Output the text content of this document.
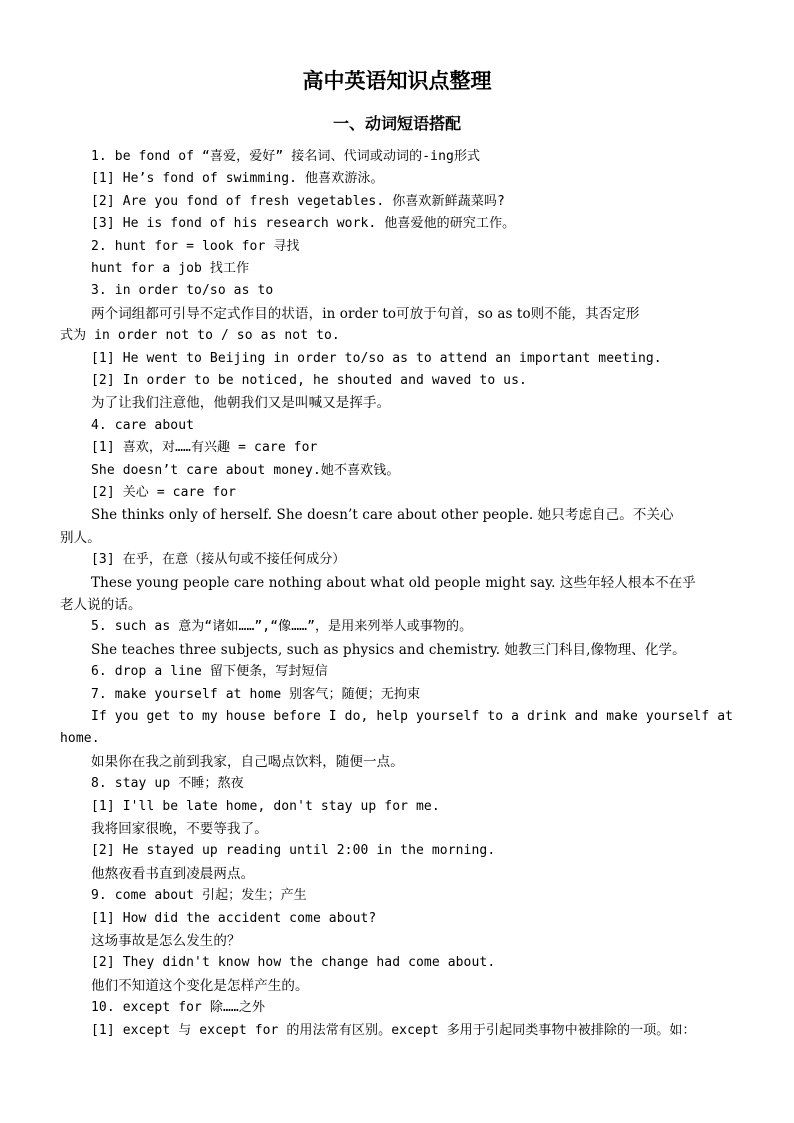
高中英语知识点整理
一、动词短语搭配

1. be fond of “喜爱，爱好” 接名词、代词或动词的-ing形式

[1] He’s fond of swimming. 他喜欢游泳。

[2] Are you fond of fresh vegetables. 你喜欢新鲜蔬菜吗?

[3] He is fond of his research work. 他喜爱他的研究工作。

2. hunt for = look for 寻找

hunt for a job 找工作

3. in order to/so as to

两个词组都可引导不定式作目的状语，in order to可放于句首，so as to则不能，其否定形

式为 in order not to / so as not to.

[1] He went to Beijing in order to/so as to attend an important meeting.

[2] In order to be noticed, he shouted and waved to us.

为了让我们注意他，他朝我们又是叫喊又是挥手。

4. care about

[1] 喜欢，对……有兴趣 = care for

She doesn’t care about money.她不喜欢钱。

[2] 关心 = care for

She thinks only of herself. She doesn’t care about other people. 她只考虑自己。不关心

别人。

[3] 在乎，在意（接从句或不接任何成分）

These young people care nothing about what old people might say. 这些年轻人根本不在乎

老人说的话。

5. such as 意为“诸如……”,“像……”，是用来列举人或事物的。

She teaches three subjects, such as physics and chemistry. 她教三门科目,像物理、化学。

6. drop a line 留下便条，写封短信

7. make yourself at home 别客气；随便；无拘束

If you get to my house before I do, help yourself to a drink and make yourself at

home.

如果你在我之前到我家，自己喝点饮料，随便一点。

8. stay up 不睡；熬夜

[1] I'll be late home, don't stay up for me.

我将回家很晚，不要等我了。

[2] He stayed up reading until 2:00 in the morning.

他熬夜看书直到凌晨两点。

9. come about 引起；发生；产生

[1] How did the accident come about?

这场事故是怎么发生的？

[2] They didn't know how the change had come about.

他们不知道这个变化是怎样产生的。

10. except for 除……之外

[1] except 与 except for 的用法常有区别。except 多用于引起同类事物中被排除的一项。如：
